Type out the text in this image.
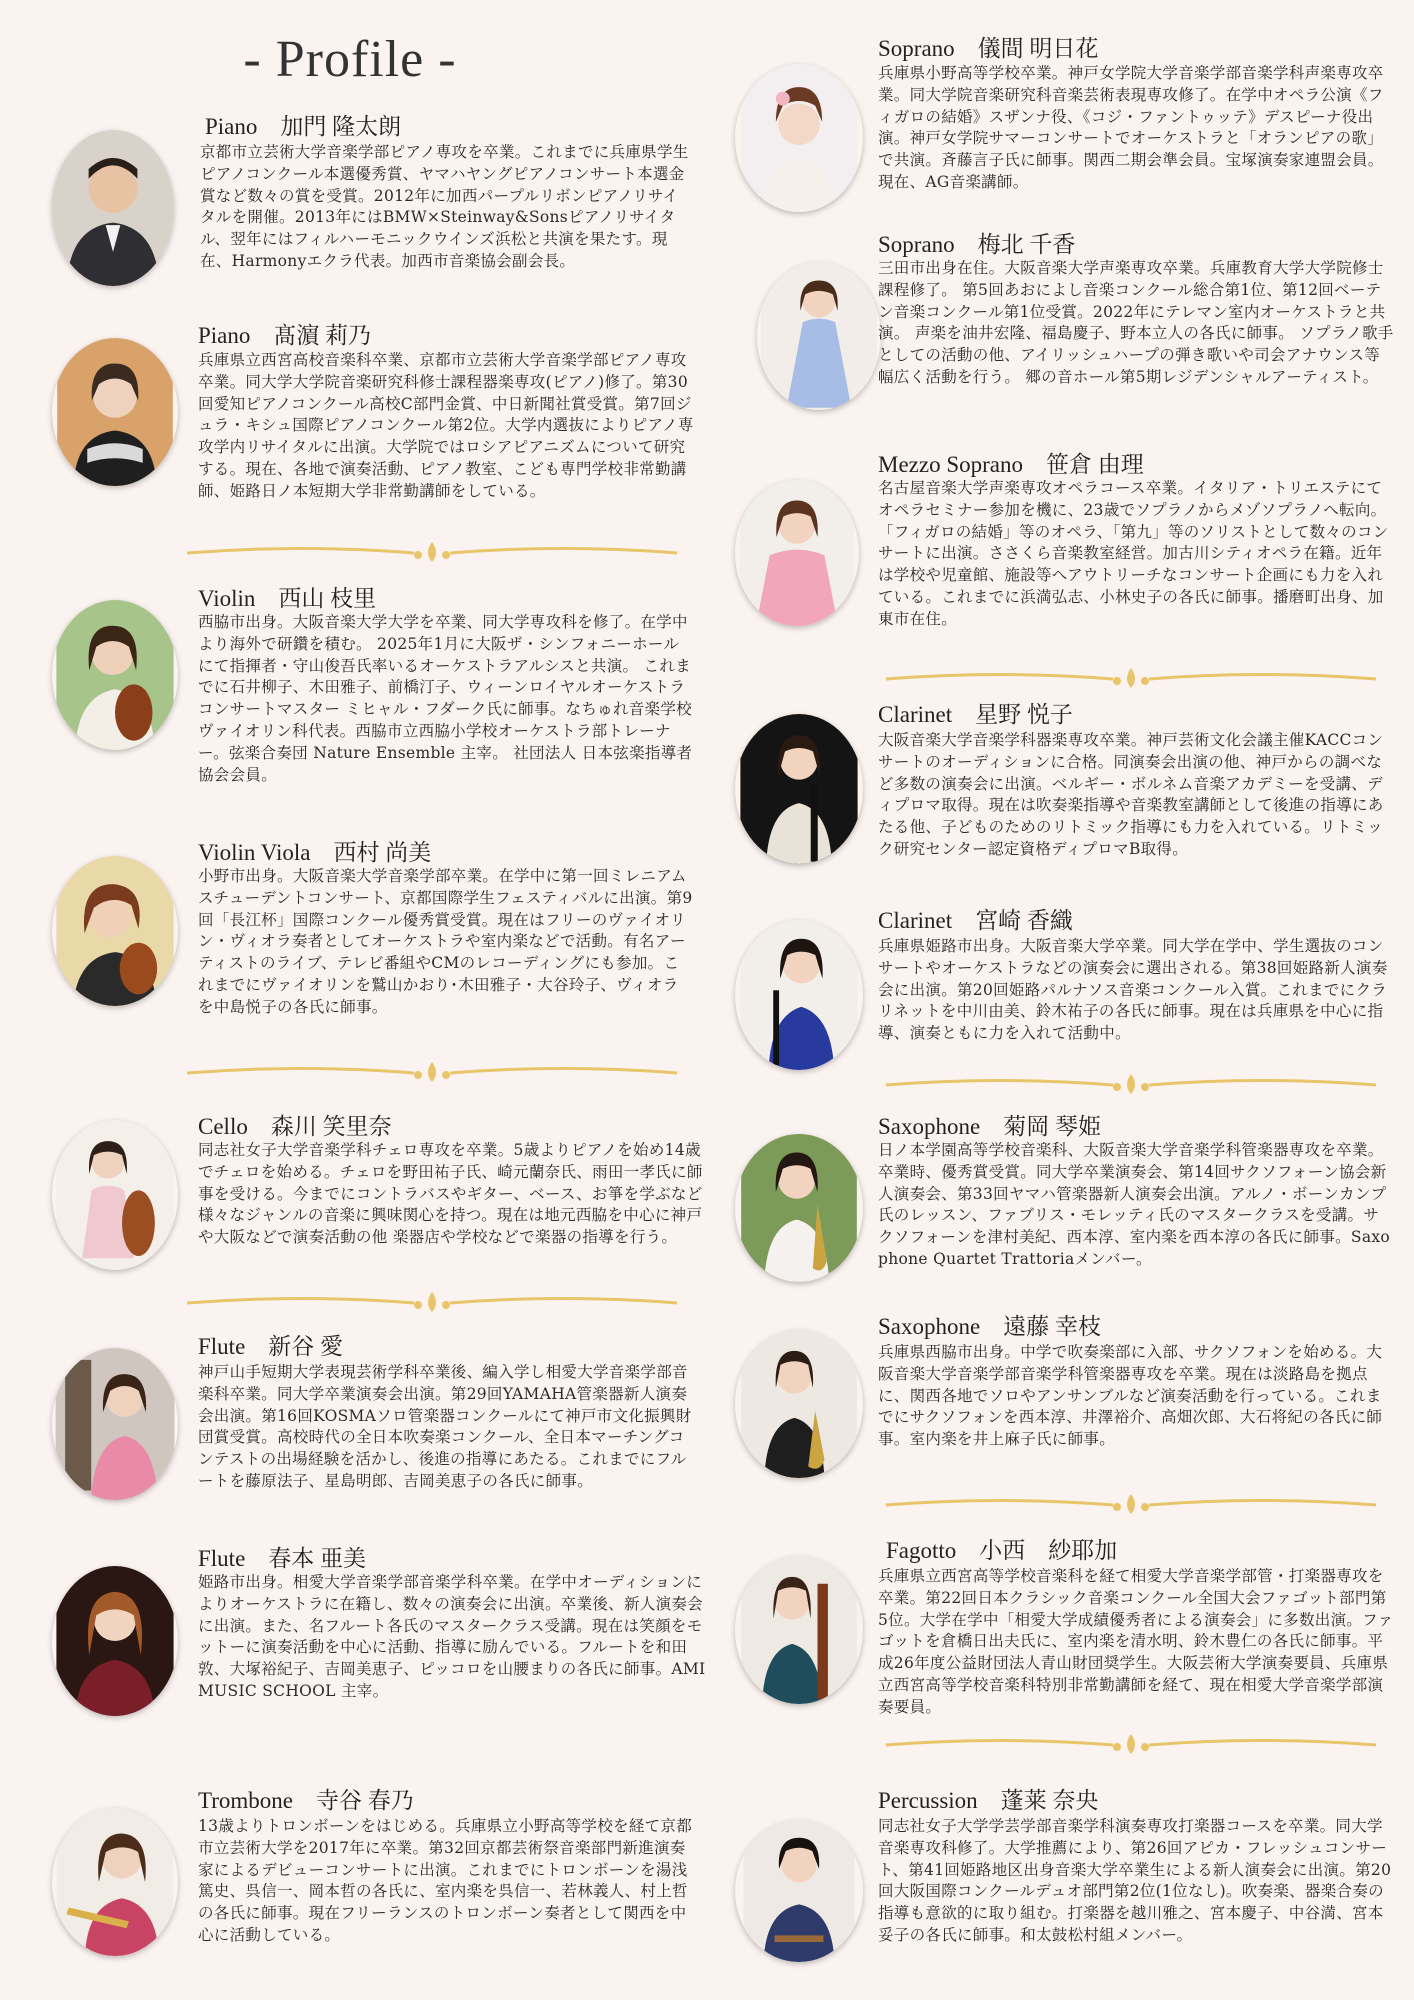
- Profile -
Piano　加門 隆太朗

京都市立芸術大学音楽学部ピアノ専攻を卒業。これまでに兵庫県学生ピアノコンクール本選優秀賞、ヤマハヤングピアノコンサート本選金賞など数々の賞を受賞。2012年に加西パープルリボンピアノリサイタルを開催。2013年にはBMW×Steinway&Sonsピアノリサイタル、翌年にはフィルハーモニックウインズ浜松と共演を果たす。現在、Harmonyエクラ代表。加西市音楽協会副会長。

Piano　髙濵 莉乃

兵庫県立西宮高校音楽科卒業、京都市立芸術大学音楽学部ピアノ専攻卒業。同大学大学院音楽研究科修士課程器楽専攻(ピアノ)修了。第30回愛知ピアノコンクール高校C部門金賞、中日新聞社賞受賞。第7回ジュラ・キシュ国際ピアノコンクール第2位。大学内選抜によりピアノ専攻学内リサイタルに出演。大学院ではロシアピアニズムについて研究する。現在、各地で演奏活動、ピアノ教室、こども専門学校非常勤講師、姫路日ノ本短期大学非常勤講師をしている。

Violin　西山 枝里

西脇市出身。大阪音楽大学大学を卒業、同大学専攻科を修了。在学中より海外で研鑽を積む。 2025年1月に大阪ザ・シンフォニーホールにて指揮者・守山俊吾氏率いるオーケストラアルシスと共演。 これまでに石井柳子、木田雅子、前橋汀子、ウィーンロイヤルオーケストラコンサートマスター ミヒャル・フダーク氏に師事。なちゅれ音楽学校ヴァイオリン科代表。西脇市立西脇小学校オーケストラ部トレーナー。弦楽合奏団 Nature Ensemble 主宰。 社団法人 日本弦楽指導者協会会員。

Violin Viola　西村 尚美

小野市出身。大阪音楽大学音楽学部卒業。在学中に第一回ミレニアムスチューデントコンサート、京都国際学生フェスティバルに出演。第9回「長江杯」国際コンクール優秀賞受賞。現在はフリーのヴァイオリン・ヴィオラ奏者としてオーケストラや室内楽などで活動。有名アーティストのライブ、テレビ番組やCMのレコーディングにも参加。これまでにヴァイオリンを鷲山かおり･木田雅子・大谷玲子、ヴィオラを中島悦子の各氏に師事。

Cello　森川 笑里奈

同志社女子大学音楽学科チェロ専攻を卒業。5歳よりピアノを始め14歳でチェロを始める。チェロを野田祐子氏、崎元蘭奈氏、雨田一孝氏に師事を受ける。今までにコントラバスやギター、ベース、お箏を学ぶなど様々なジャンルの音楽に興味関心を持つ。現在は地元西脇を中心に神戸や大阪などで演奏活動の他 楽器店や学校などで楽器の指導を行う。

Flute　新谷 愛

神戸山手短期大学表現芸術学科卒業後、編入学し相愛大学音楽学部音楽科卒業。同大学卒業演奏会出演。第29回YAMAHA管楽器新人演奏会出演。第16回KOSMAソロ管楽器コンクールにて神戸市文化振興財団賞受賞。高校時代の全日本吹奏楽コンクール、全日本マーチングコンテストの出場経験を活かし、後進の指導にあたる。これまでにフルートを藤原法子、星島明郎、吉岡美恵子の各氏に師事。

Flute　春本 亜美

姫路市出身。相愛大学音楽学部音楽学科卒業。在学中オーディションによりオーケストラに在籍し、数々の演奏会に出演。卒業後、新人演奏会に出演。また、名フルート各氏のマスタークラス受講。現在は笑顔をモットーに演奏活動を中心に活動、指導に励んでいる。フルートを和田敦、大塚裕紀子、吉岡美恵子、ピッコロを山腰まりの各氏に師事。AMI MUSIC SCHOOL 主宰。

Trombone　寺谷 春乃

13歳よりトロンボーンをはじめる。兵庫県立小野高等学校を経て京都市立芸術大学を2017年に卒業。第32回京都芸術祭音楽部門新進演奏家によるデビューコンサートに出演。これまでにトロンボーンを湯浅篤史、呉信一、岡本哲の各氏に、室内楽を呉信一、若林義人、村上哲の各氏に師事。現在フリーランスのトロンボーン奏者として関西を中心に活動している。

Soprano　儀間 明日花

兵庫県小野高等学校卒業。神戸女学院大学音楽学部音楽学科声楽専攻卒業。同大学院音楽研究科音楽芸術表現専攻修了。在学中オペラ公演《フィガロの結婚》スザンナ役、《コジ・ファントゥッテ》デスピーナ役出演。神戸女学院サマーコンサートでオーケストラと「オランピアの歌」で共演。斉藤言子氏に師事。関西二期会準会員。宝塚演奏家連盟会員。現在、AG音楽講師。

Soprano　梅北 千香

三田市出身在住。大阪音楽大学声楽専攻卒業。兵庫教育大学大学院修士課程修了。 第5回あおによし音楽コンクール総合第1位、第12回ベーテン音楽コンクール第1位受賞。2022年にテレマン室内オーケストラと共演。 声楽を油井宏隆、福島慶子、野本立人の各氏に師事。 ソプラノ歌手としての活動の他、アイリッシュハープの弾き歌いや司会アナウンス等幅広く活動を行う。 郷の音ホール第5期レジデンシャルアーティスト。

Mezzo Soprano　笹倉 由理

名古屋音楽大学声楽専攻オペラコース卒業。イタリア・トリエステにてオペラセミナー参加を機に、23歳でソプラノからメゾソプラノへ転向。「フィガロの結婚」等のオペラ、「第九」等のソリストとして数々のコンサートに出演。ささくら音楽教室経営。加古川シティオペラ在籍。近年は学校や児童館、施設等へアウトリーチなコンサート企画にも力を入れている。これまでに浜満弘志、小林史子の各氏に師事。播磨町出身、加東市在住。

Clarinet　星野 悦子

大阪音楽大学音楽学科器楽専攻卒業。神戸芸術文化会議主催KACCコンサートのオーディションに合格。同演奏会出演の他、神戸からの調べなど多数の演奏会に出演。ベルギー・ボルネム音楽アカデミーを受講、ディプロマ取得。現在は吹奏楽指導や音楽教室講師として後進の指導にあたる他、子どものためのリトミック指導にも力を入れている。リトミック研究センター認定資格ディプロマB取得。

Clarinet　宮崎 香織

兵庫県姫路市出身。大阪音楽大学卒業。同大学在学中、学生選抜のコンサートやオーケストラなどの演奏会に選出される。第38回姫路新人演奏会に出演。第20回姫路パルナソス音楽コンクール入賞。これまでにクラリネットを中川由美、鈴木祐子の各氏に師事。現在は兵庫県を中心に指導、演奏ともに力を入れて活動中。

Saxophone　菊岡 琴姫

日ノ本学園高等学校音楽科、大阪音楽大学音楽学科管楽器専攻を卒業。卒業時、優秀賞受賞。同大学卒業演奏会、第14回サクソフォーン協会新人演奏会、第33回ヤマハ管楽器新人演奏会出演。アルノ・ボーンカンプ氏のレッスン、ファブリス・モレッティ氏のマスタークラスを受講。サクソフォーンを津村美紀、西本淳、室内楽を西本淳の各氏に師事。Saxophone Quartet Trattoriaメンバー。

Saxophone　遠藤 幸枝

兵庫県西脇市出身。中学で吹奏楽部に入部、サクソフォンを始める。大阪音楽大学音楽学部音楽学科管楽器専攻を卒業。現在は淡路島を拠点に、関西各地でソロやアンサンブルなど演奏活動を行っている。これまでにサクソフォンを西本淳、井澤裕介、高畑次郎、大石将紀の各氏に師事。室内楽を井上麻子氏に師事。

Fagotto　小西　紗耶加

兵庫県立西宮高等学校音楽科を経て相愛大学音楽学部管・打楽器専攻を卒業。第22回日本クラシック音楽コンクール全国大会ファゴット部門第5位。大学在学中「相愛大学成績優秀者による演奏会」に多数出演。ファゴットを倉橋日出夫氏に、室内楽を清水明、鈴木豊仁の各氏に師事。平成26年度公益財団法人青山財団奨学生。大阪芸術大学演奏要員、兵庫県立西宮高等学校音楽科特別非常勤講師を経て、現在相愛大学音楽学部演奏要員。

Percussion　蓬莱 奈央

同志社女子大学学芸学部音楽学科演奏専攻打楽器コースを卒業。同大学音楽専攻科修了。大学推薦により、第26回アピカ・フレッシュコンサート、第41回姫路地区出身音楽大学卒業生による新人演奏会に出演。第20回大阪国際コンクールデュオ部門第2位(1位なし)。吹奏楽、器楽合奏の指導も意欲的に取り組む。打楽器を越川雅之、宮本慶子、中谷満、宮本妥子の各氏に師事。和太鼓松村組メンバー。
